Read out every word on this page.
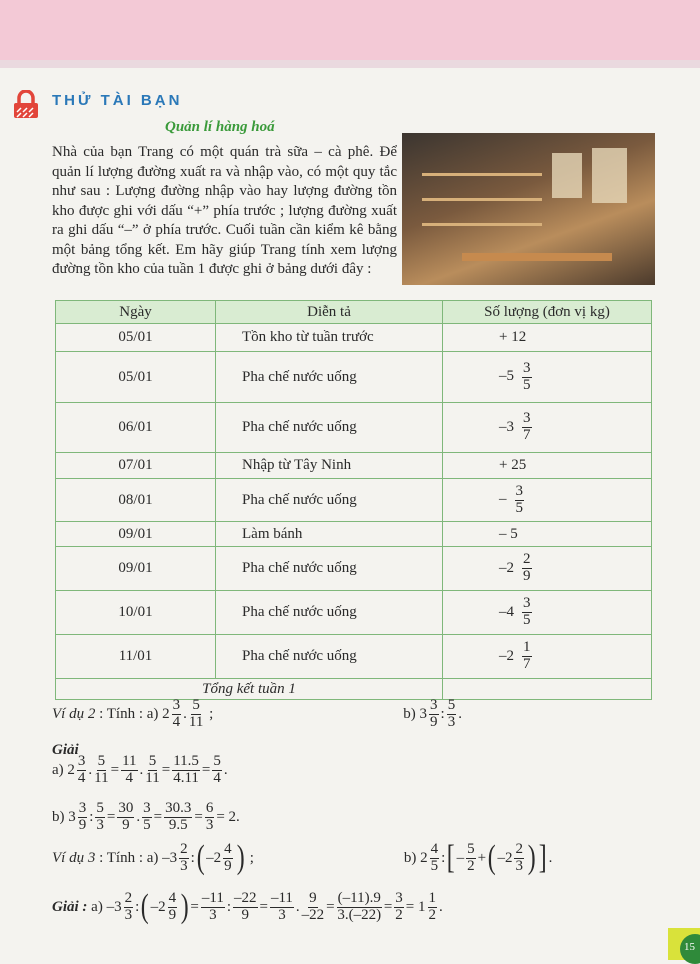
THỬ TÀI BẠN
Quản lí hàng hoá
Nhà của bạn Trang có một quán trà sữa – cà phê. Để quản lí lượng đường xuất ra và nhập vào, có một quy tắc như sau : Lượng đường nhập vào hay lượng đường tồn kho được ghi với dấu “+” phía trước ; lượng đường xuất ra ghi dấu “–” ở phía trước. Cuối tuần cần kiểm kê bằng một bảng tổng kết. Em hãy giúp Trang tính xem lượng đường tồn kho của tuần 1 được ghi ở bảng dưới đây :
Ngày	Diễn tả	Số lượng (đơn vị kg)
05/01	Tồn kho từ tuần trước	+ 12
05/01	Pha chế nước uống	$-5 \frac{3}{5}$

06/01	Pha chế nước uống	$-3 \frac{3}{7}$

07/01	Nhập từ Tây Ninh	+ 25
08/01	Pha chế nước uống	– $\frac{3}{5}$

09/01	Làm bánh	– 5
09/01	Pha chế nước uống	$-2 \frac{2}{9}$

10/01	Pha chế nước uống	$-4 \frac{3}{5}$

11/01	Pha chế nước uống	$-2 \frac{1}{7}$

Tổng kết tuần 1		
Giải
Ví dụ 2 : Tính : a) $2 \frac{3}{4}$ . $\frac{5}{11}$ ;	b) $3 \frac{3}{9}$ : $\frac{5}{3}$ .
a) $2 \frac{3}{4}$ . $\frac{5}{11} = \frac{11}{4}$ . $\frac{5}{11} = \frac{11.5}{4.11} = \frac{5}{4}$ .
b) $3 \frac{3}{9}$ : $\frac{5}{3} = \frac{30}{9}$ . $\frac{3}{5} = \frac{30.3}{9.5} = \frac{6}{3} = 2$.
Ví dụ 3 : Tính : a) $-3 \frac{2}{3}$ : ( $-2 \frac{4}{9}$ ) ;	b) $2 \frac{4}{5}$ : [ – $\frac{5}{2}$ + ( $-2 \frac{2}{3}$ ) ] .
Giải : a) $-3 \frac{2}{3}$ : ( $-2 \frac{4}{9}$ ) = $\frac{-11}{3}$ : $\frac{-22}{9} = \frac{-11}{3}$ . $\frac{9}{-22} = \frac{(-11).9}{3.(-22)} = \frac{3}{2} = 1 \frac{1}{2}$ .
15
